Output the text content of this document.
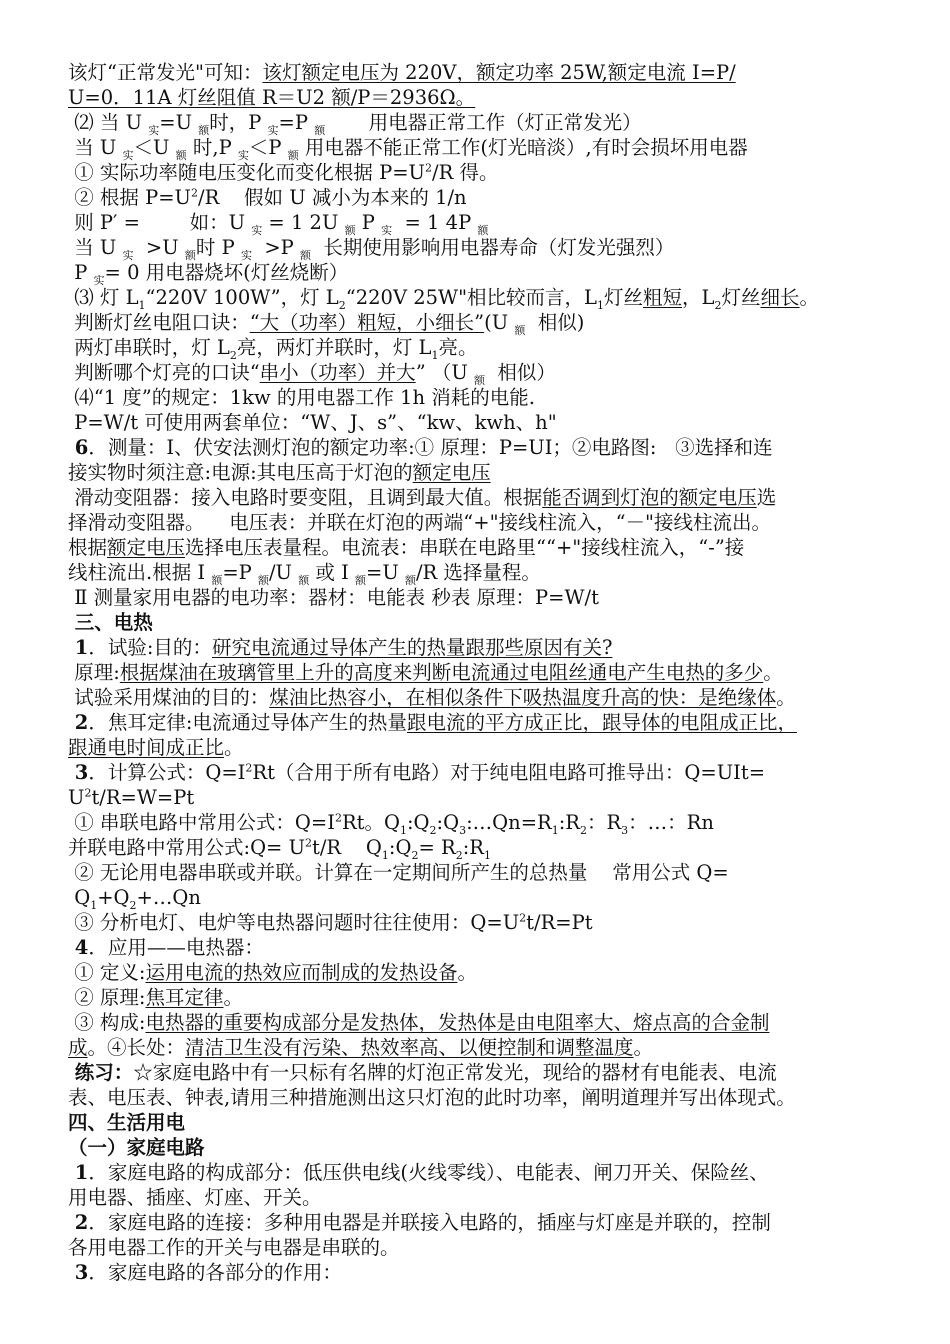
该灯“正常发光"可知：该灯额定电压为 220V，额定功率 25W,额定电流 I=P/
U=0．11A 灯丝阻值 R＝U2 额/P＝2936Ω。
⑵ 当 U $_实$=U $_额$时，P $_实$=P $_额$       用电器正常工作（灯正常发光）
当 U $_实$＜U $_额$ 时,P $_实$＜P $_额$ 用电器不能正常工作(灯光暗淡）,有时会损坏用电器
① 实际功率随电压变化而变化根据 $P=U^2/R$ 得。
② 根据 $P=U^2/R$    假如 U 减小为本来的 1/n
则 P′ =        如：U $_实$ = 1 2U $_额$ P $_实$  = 1 4P $_额$
当 U $_实$  >U $_额$时 P $_实$  >P $_额$  长期使用影响用电器寿命（灯发光强烈）
P $_实$= 0 用电器烧坏(灯丝烧断）
⑶ 灯 $L_1“220V$ 100W”，灯 $L_2“220V$ 25W"相比较而言，$L_1$灯丝粗短，$L_2$灯丝细长。
判断灯丝电阻口诀：“大（功率）粗短，小细长”(U $_额$  相似)
两灯串联时，灯 $L_2$亮，两灯并联时，灯 $L_1$亮。
判断哪个灯亮的口诀“串小（功率）并大” （U $_额$  相似）
⑷“1 度”的规定：1kw 的用电器工作 1h 消耗的电能.
P=W/t 可使用两套单位：“W、J、s”、“kw、kwh、h"
6．测量：Ⅰ、伏安法测灯泡的额定功率:① 原理：P=UI；②电路图:   ③选择和连
接实物时须注意:电源:其电压高于灯泡的额定电压
滑动变阻器：接入电路时要变阻，且调到最大值。根据能否调到灯泡的额定电压选
择滑动变阻器。    电压表：并联在灯泡的两端“+"接线柱流入，“－"接线柱流出。
根据额定电压选择电压表量程。电流表：串联在电路里““+"接线柱流入，“-”接
线柱流出.根据 I $_额$=P $_额$/U $_额$ 或 I $_额$=U $_额$/R 选择量程。
Ⅱ 测量家用电器的电功率：器材：电能表 秒表 原理：P=W/t
三、电热
1．试验:目的：研究电流通过导体产生的热量跟那些原因有关?
原理:根据煤油在玻璃管里上升的高度来判断电流通过电阻丝通电产生电热的多少。
试验采用煤油的目的：煤油比热容小，在相似条件下吸热温度升高的快：是绝缘体。
2．焦耳定律:电流通过导体产生的热量跟电流的平方成正比，跟导体的电阻成正比，
跟通电时间成正比。
3．计算公式：$Q=I^2Rt$（合用于所有电路）对于纯电阻电路可推导出：Q=UIt=
$U^2t/R=W=Pt$
① 串联电路中常用公式：$Q=I^2Rt$。$Q_1:Q_2:Q_3:\dots Qn=R_1:R_2$：$R_3$：…：Rn
并联电路中常用公式:Q= $U^2t/R$    $Q_1:Q_2=$ $R_2:R_1$
② 无论用电器串联或并联。计算在一定期间所产生的总热量    常用公式 Q=
$Q_1+Q_2+\dots Qn$
③ 分析电灯、电炉等电热器问题时往往使用：$Q=U^2t/R=Pt$
4．应用——电热器：
① 定义:运用电流的热效应而制成的发热设备。
② 原理:焦耳定律。
③ 构成:电热器的重要构成部分是发热体，发热体是由电阻率大、熔点高的合金制
成。④长处：清洁卫生没有污染、热效率高、以便控制和调整温度。
练习：☆家庭电路中有一只标有名牌的灯泡正常发光，现给的器材有电能表、电流
表、电压表、钟表,请用三种措施测出这只灯泡的此时功率，阐明道理并写出体现式。
四、生活用电
（一）家庭电路
1．家庭电路的构成部分：低压供电线(火线零线）、电能表、闸刀开关、保险丝、
用电器、插座、灯座、开关。
2．家庭电路的连接：多种用电器是并联接入电路的，插座与灯座是并联的，控制
各用电器工作的开关与电器是串联的。
3．家庭电路的各部分的作用：
